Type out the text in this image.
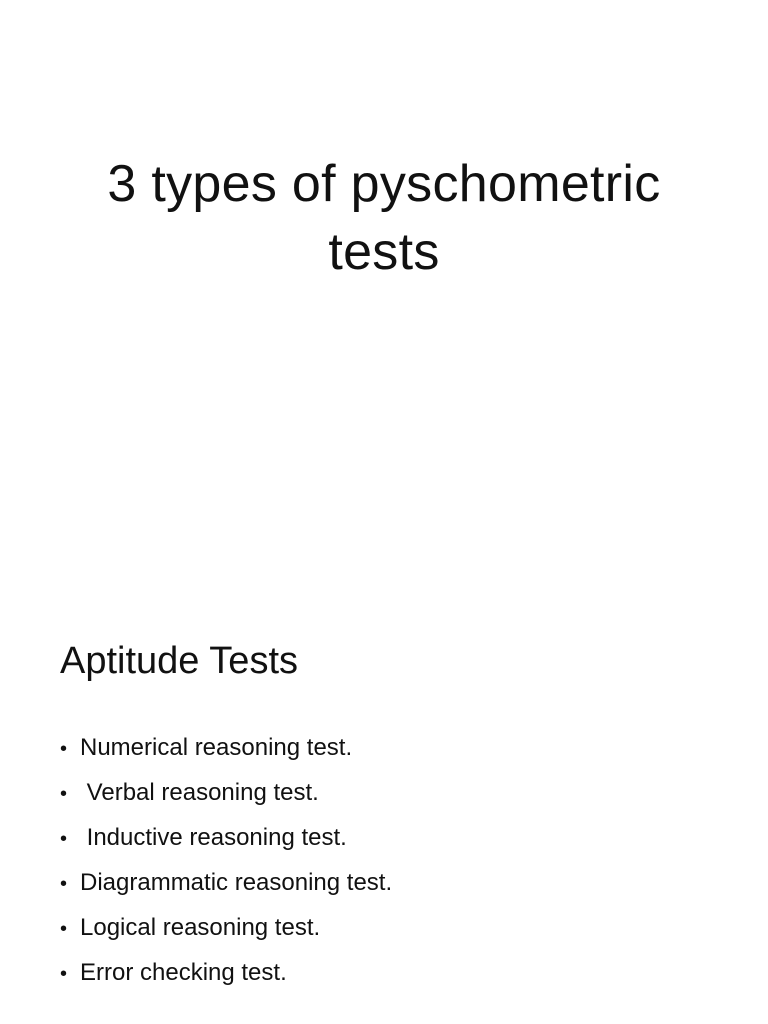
3 types of pyschometric
tests
Aptitude Tests
• Numerical reasoning test.
• Verbal reasoning test.
• Inductive reasoning test.
• Diagrammatic reasoning test.
• Logical reasoning test.
• Error checking test.
